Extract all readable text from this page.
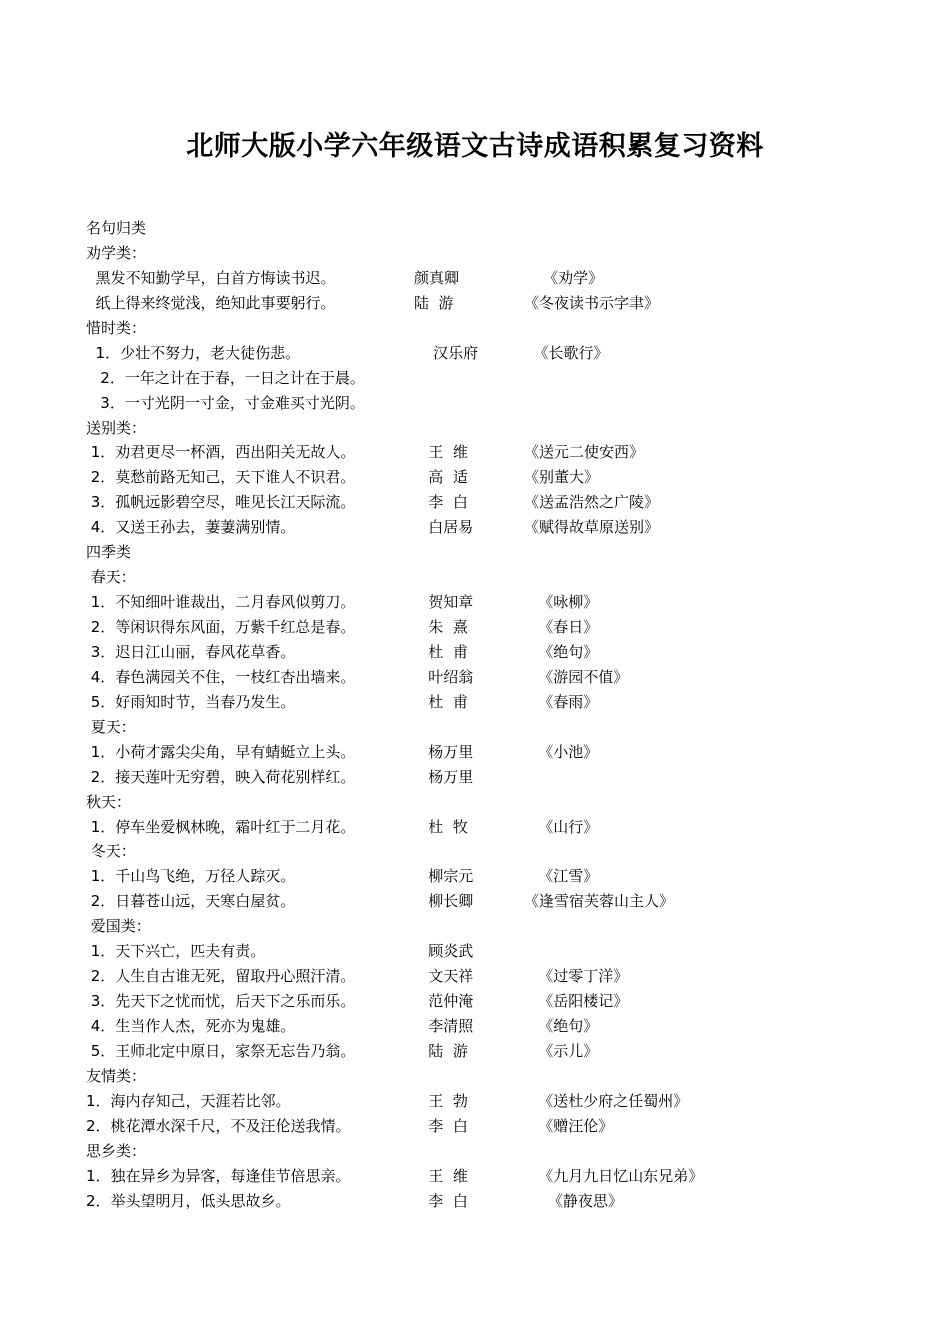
北师大版小学六年级语文古诗成语积累复习资料
名句归类
劝学类：
黑发不知勤学早，白首方悔读书迟。	颜真卿	《劝学》
纸上得来终觉浅，绝知此事要躬行。	陆  游	《冬夜读书示字聿》
惜时类：
1．少壮不努力，老大徒伤悲。	汉乐府	《长歌行》
2．一年之计在于春，一日之计在于晨。
3．一寸光阴一寸金，寸金难买寸光阴。
送别类：
1．劝君更尽一杯酒，西出阳关无故人。	王  维	《送元二使安西》
2．莫愁前路无知己，天下谁人不识君。	高  适	《别董大》
3．孤帆远影碧空尽，唯见长江天际流。	李  白	《送孟浩然之广陵》
4．又送王孙去，萋萋满别情。	白居易	《赋得故草原送别》
四季类
春天：
1．不知细叶谁裁出，二月春风似剪刀。	贺知章	《咏柳》
2．等闲识得东风面，万紫千红总是春。	朱  熹	《春日》
3．迟日江山丽，春风花草香。	杜  甫	《绝句》
4．春色满园关不住，一枝红杏出墙来。	叶绍翁	《游园不值》
5．好雨知时节，当春乃发生。	杜  甫	《春雨》
夏天：
1．小荷才露尖尖角，早有蜻蜓立上头。	杨万里	《小池》
2．接天莲叶无穷碧，映入荷花别样红。	杨万里
秋天：
1．停车坐爱枫林晚，霜叶红于二月花。	杜  牧	《山行》
冬天：
1．千山鸟飞绝，万径人踪灭。	柳宗元	《江雪》
2．日暮苍山远，天寒白屋贫。	柳长卿	《逢雪宿芙蓉山主人》
爱国类：
1．天下兴亡，匹夫有责。	顾炎武
2．人生自古谁无死，留取丹心照汗清。	文天祥	《过零丁洋》
3．先天下之忧而忧，后天下之乐而乐。	范仲淹	《岳阳楼记》
4．生当作人杰，死亦为鬼雄。	李清照	《绝句》
5．王师北定中原日，家祭无忘告乃翁。	陆  游	《示儿》
友情类：
1．海内存知己，天涯若比邻。	王  勃	《送杜少府之任蜀州》
2．桃花潭水深千尺，不及汪伦送我情。	李  白	《赠汪伦》
思乡类：
1．独在异乡为异客，每逢佳节倍思亲。	王  维	《九月九日忆山东兄弟》
2．举头望明月，低头思故乡。	李  白	《静夜思》
